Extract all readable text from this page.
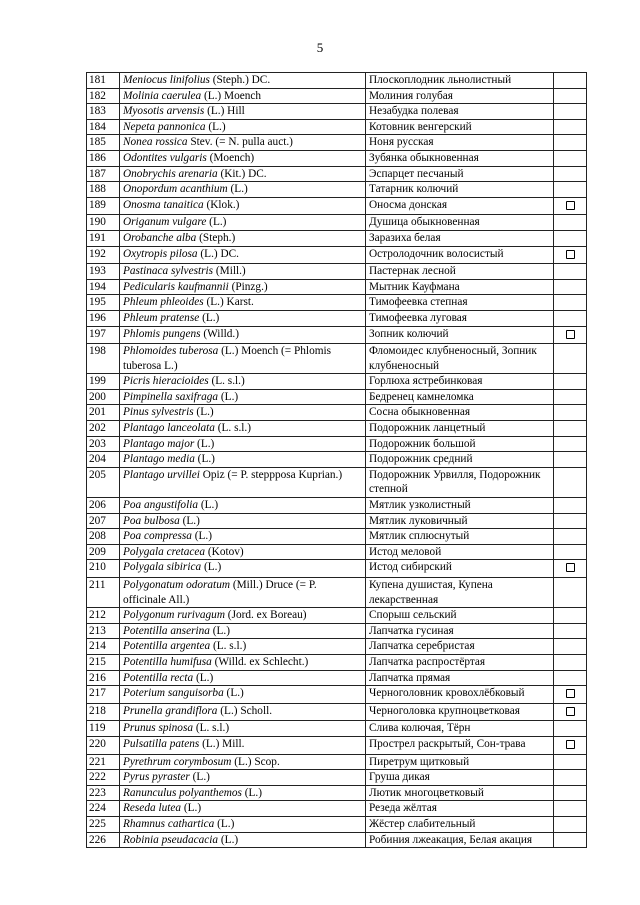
5
181	Meniocus linifolius (Steph.) DC.	Плоскоплодник льнолистный	
182	Molinia caerulea (L.) Moench	Молиния голубая	
183	Myosotis arvensis (L.) Hill	Незабудка полевая	
184	Nepeta pannonica (L.)	Котовник венгерский	
185	Nonea rossica Stev. (= N. pulla auct.)	Ноня русская	
186	Odontites vulgaris (Moench)	Зубянка обыкновенная	
187	Onobrychis arenaria (Kit.) DC.	Эспарцет песчаный	
188	Onopordum acanthium (L.)	Татарник колючий	
189	Onosma tanaitica (Klok.)	Оносма донская	
190	Origanum vulgare (L.)	Душица обыкновенная	
191	Orobanche alba (Steph.)	Заразиха белая	
192	Oxytropis pilosa (L.) DC.	Остролодочник волосистый	
193	Pastinaca sylvestris (Mill.)	Пастернак лесной	
194	Pedicularis kaufmannii (Pinzg.)	Мытник Кауфмана	
195	Phleum phleoides (L.) Karst.	Тимофеевка степная	
196	Phleum pratense (L.)	Тимофеевка луговая	
197	Phlomis pungens (Willd.)	Зопник колючий	
198	Phlomoides tuberosa (L.) Moench (= Phlomis tuberosa L.)	Фломоидес клубненосный, Зопник клубненосный	
199	Picris hieracioides (L. s.l.)	Горлюха ястребинковая	
200	Pimpinella saxifraga (L.)	Бедренец камнеломка	
201	Pinus sylvestris (L.)	Сосна обыкновенная	
202	Plantago lanceolata (L. s.l.)	Подорожник ланцетный	
203	Plantago major (L.)	Подорожник большой	
204	Plantago media (L.)	Подорожник средний	
205	Plantago urvillei Opiz (= P. steppposa Kuprian.)	Подорожник Урвилля, Подорожник степной	
206	Poa angustifolia (L.)	Мятлик узколистный	
207	Poa bulbosa (L.)	Мятлик луковичный	
208	Poa compressa (L.)	Мятлик сплюснутый	
209	Polygala cretacea (Kotov)	Истод меловой	
210	Polygala sibirica (L.)	Истод сибирский	
211	Polygonatum odoratum (Mill.) Druce (= P. officinale All.)	Купена душистая, Купена лекарственная	
212	Polygonum rurivagum (Jord. ex Boreau)	Спорыш сельский	
213	Potentilla anserina (L.)	Лапчатка гусиная	
214	Potentilla argentea (L. s.l.)	Лапчатка серебристая	
215	Potentilla humifusa (Willd. ex Schlecht.)	Лапчатка распростёртая	
216	Potentilla recta (L.)	Лапчатка прямая	
217	Poterium sanguisorba (L.)	Черноголовник кровохлёбковый	
218	Prunella grandiflora (L.) Scholl.	Черноголовка крупноцветковая	
119	Prunus spinosa (L. s.l.)	Слива колючая, Тёрн	
220	Pulsatilla patens (L.) Mill.	Прострел раскрытый, Сон-трава	
221	Pyrethrum corymbosum (L.) Scop.	Пиретрум щитковый	
222	Pyrus pyraster (L.)	Груша дикая	
223	Ranunculus polyanthemos (L.)	Лютик многоцветковый	
224	Reseda lutea (L.)	Резеда жёлтая	
225	Rhamnus cathartica (L.)	Жёстер слабительный	
226	Robinia pseudacacia (L.)	Робиния лжеакация, Белая акация	
